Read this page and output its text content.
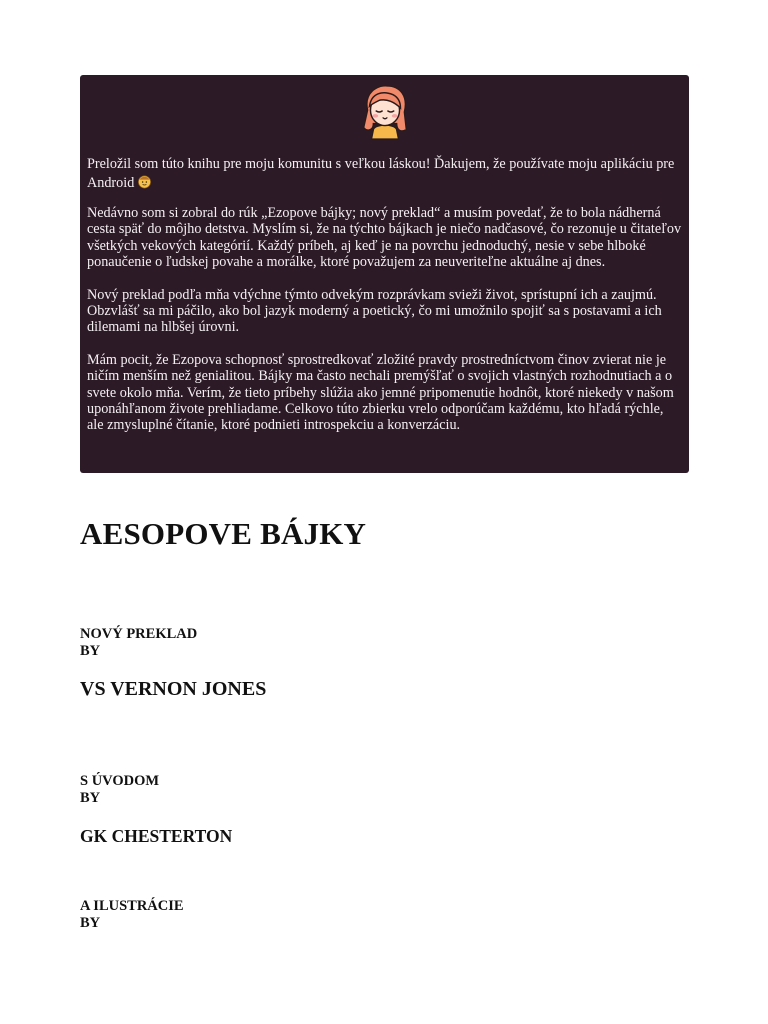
Preložil som túto knihu pre moju komunitu s veľkou láskou! Ďakujem, že používate moju aplikáciu pre Android

Nedávno som si zobral do rúk „Ezopove bájky; nový preklad“ a musím povedať, že to bola nádherná cesta späť do môjho detstva. Myslím si, že na týchto bájkach je niečo nadčasové, čo rezonuje u čitateľov všetkých vekových kategórií. Každý príbeh, aj keď je na povrchu jednoduchý, nesie v sebe hlboké ponaučenie o ľudskej povahe a morálke, ktoré považujem za neuveriteľne aktuálne aj dnes.

Nový preklad podľa mňa vdýchne týmto odvekým rozprávkam svieži život, sprístupní ich a zaujmú. Obzvlášť sa mi páčilo, ako bol jazyk moderný a poetický, čo mi umožnilo spojiť sa s postavami a ich dilemami na hlbšej úrovni.

Mám pocit, že Ezopova schopnosť sprostredkovať zložité pravdy prostredníctvom činov zvierat nie je ničím menším než genialitou. Bájky ma často nechali premýšľať o svojich vlastných rozhodnutiach a o svete okolo mňa. Verím, že tieto príbehy slúžia ako jemné pripomenutie hodnôt, ktoré niekedy v našom uponáhľanom živote prehliadame. Celkovo túto zbierku vrelo odporúčam každému, kto hľadá rýchle, ale zmysluplné čítanie, ktoré podnieti introspekciu a konverzáciu.

AESOPOVE BÁJKY

NOVÝ PREKLAD
BY

VS VERNON JONES

S ÚVODOM
BY

GK CHESTERTON

A ILUSTRÁCIE
BY
